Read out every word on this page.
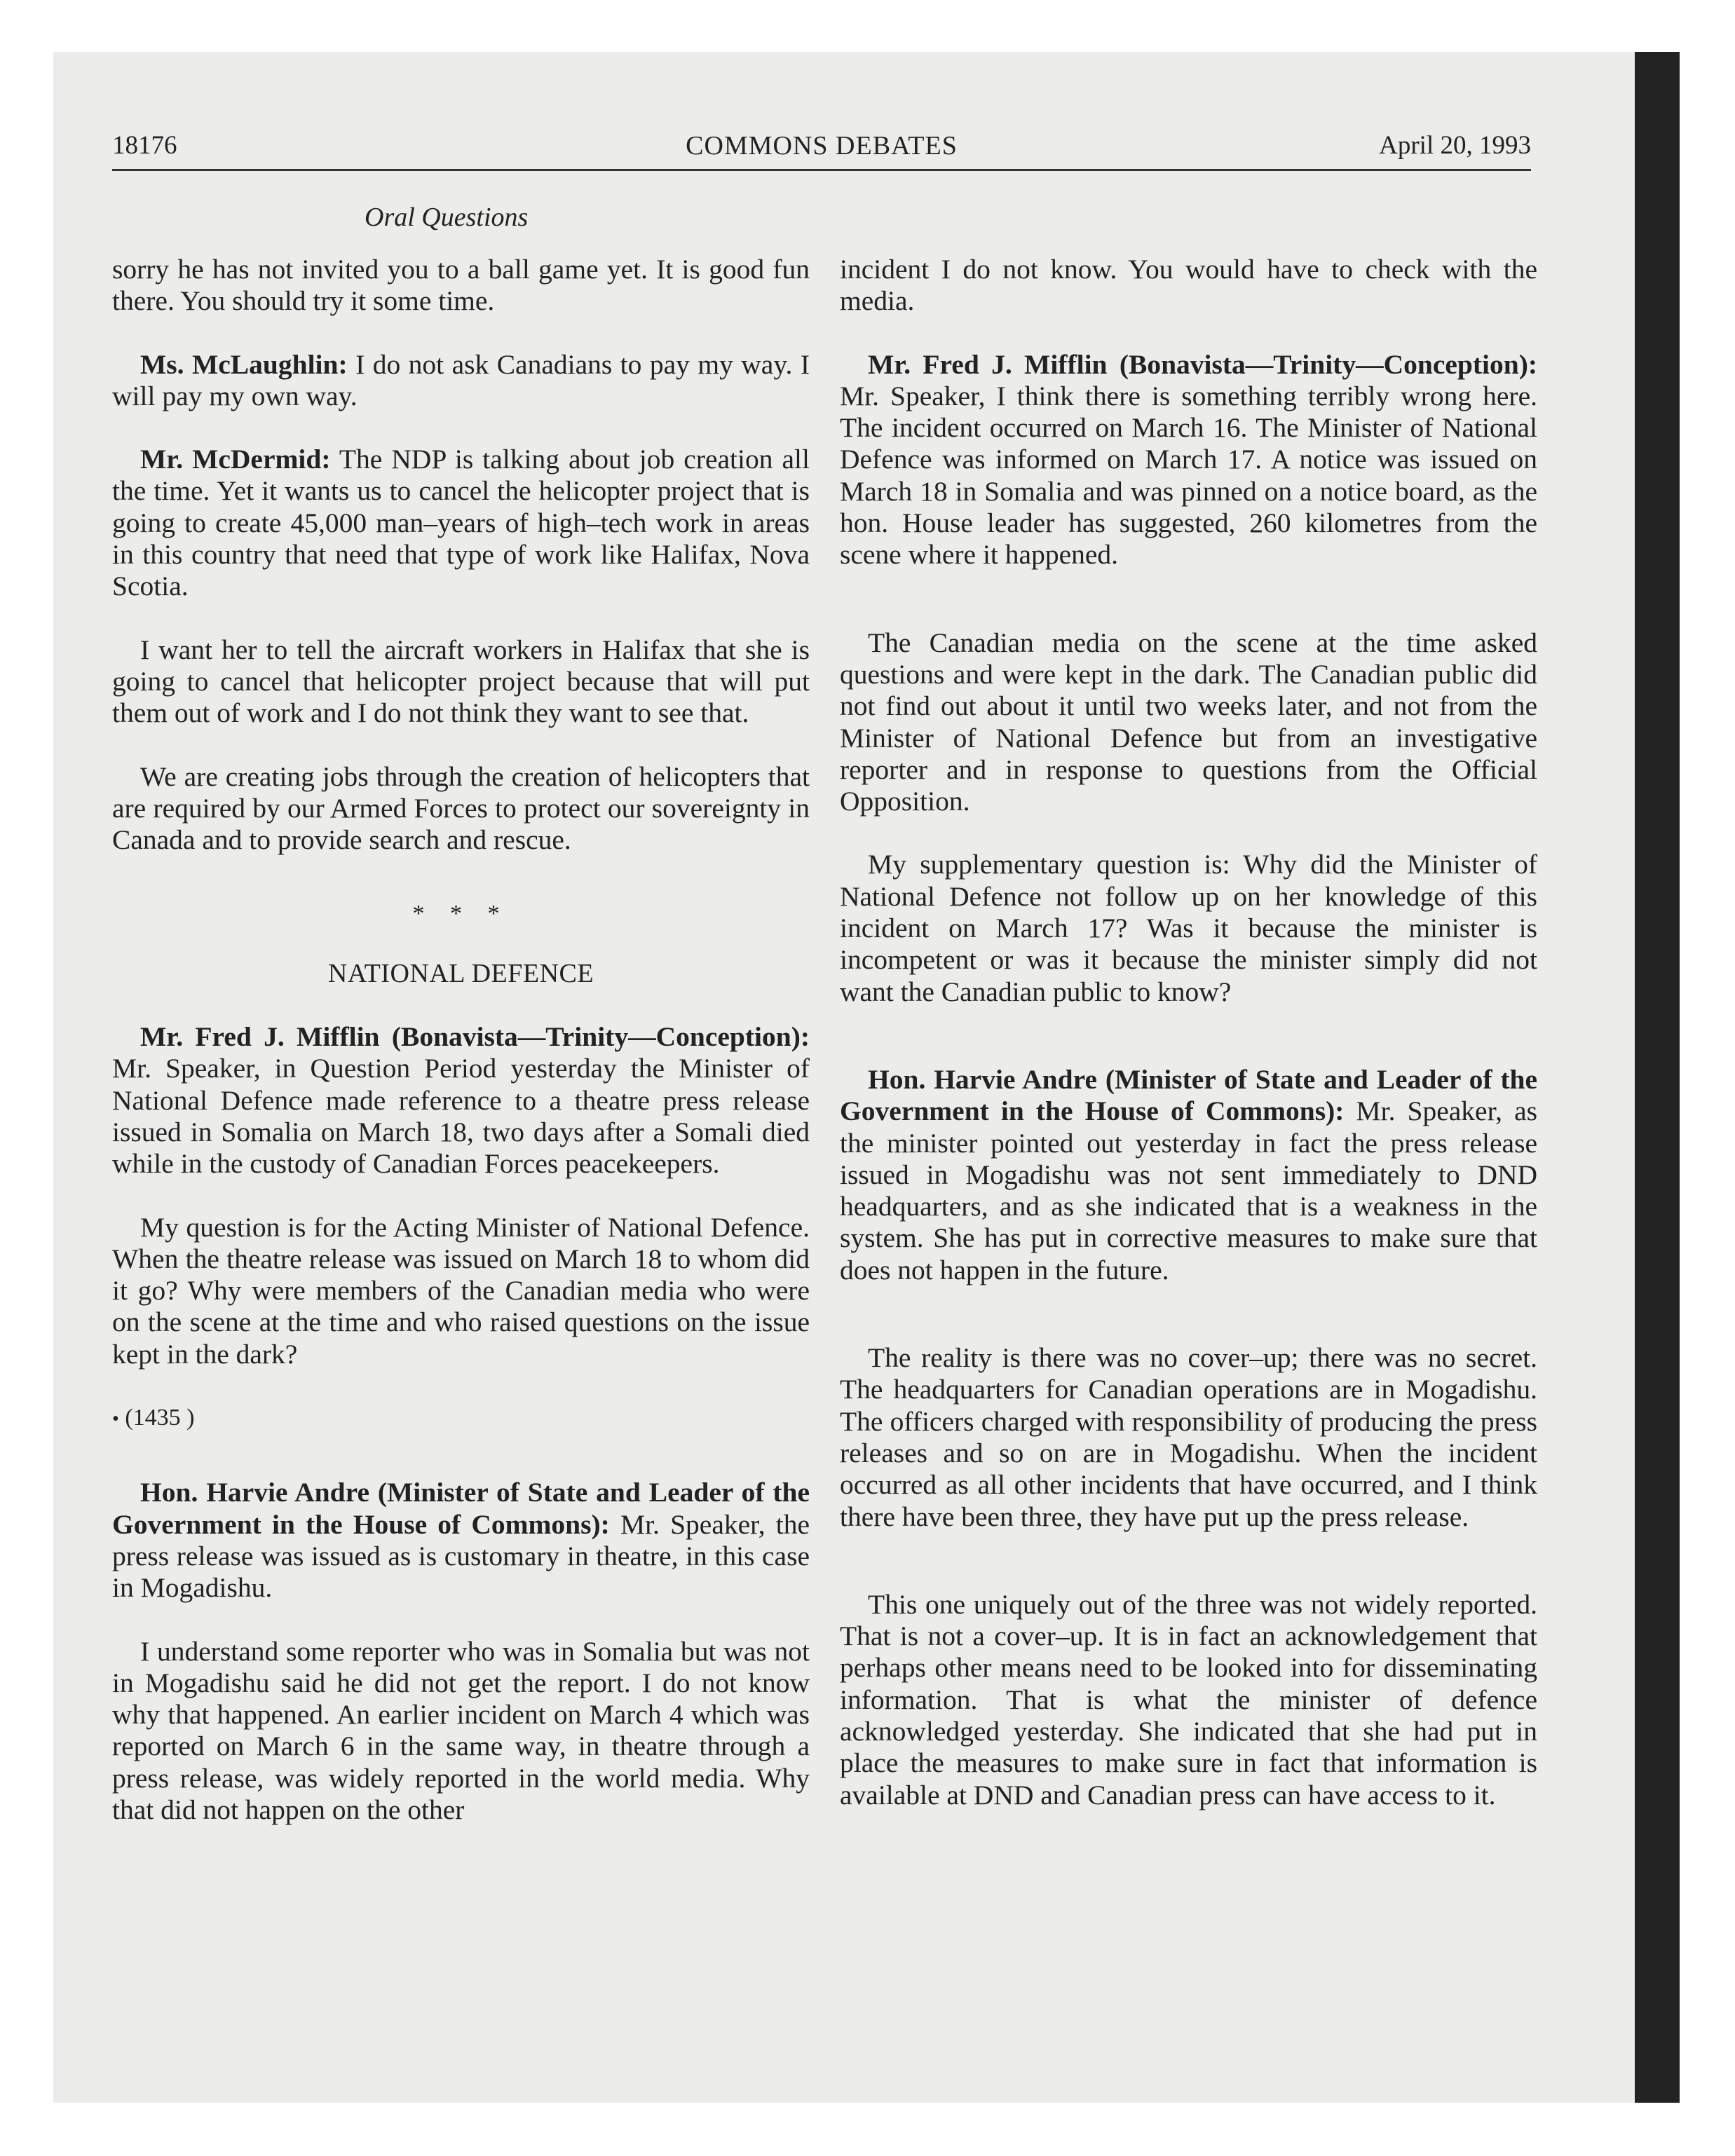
18176	COMMONS DEBATES	April 20, 1993
Oral Questions

sorry he has not invited you to a ball game yet. It is good fun there. You should try it some time.

Ms. McLaughlin: I do not ask Canadians to pay my way. I will pay my own way.

Mr. McDermid: The NDP is talking about job creation all the time. Yet it wants us to cancel the helicopter project that is going to create 45,000 man–years of high–tech work in areas in this country that need that type of work like Halifax, Nova Scotia.

I want her to tell the aircraft workers in Halifax that she is going to cancel that helicopter project because that will put them out of work and I do not think they want to see that.

We are creating jobs through the creation of helicopters that are required by our Armed Forces to protect our sovereignty in Canada and to provide search and rescue.

* * *
NATIONAL DEFENCE

Mr. Fred J. Mifflin (Bonavista—Trinity—Conception): Mr. Speaker, in Question Period yesterday the Minister of National Defence made reference to a theatre press release issued in Somalia on March 18, two days after a Somali died while in the custody of Canadian Forces peacekeepers.

My question is for the Acting Minister of National Defence. When the theatre release was issued on March 18 to whom did it go? Why were members of the Canadian media who were on the scene at the time and who raised questions on the issue kept in the dark?

• (1435 )

Hon. Harvie Andre (Minister of State and Leader of the Government in the House of Commons): Mr. Speaker, the press release was issued as is customary in theatre, in this case in Mogadishu.

I understand some reporter who was in Somalia but was not in Mogadishu said he did not get the report. I do not know why that happened. An earlier incident on March 4 which was reported on March 6 in the same way, in theatre through a press release, was widely reported in the world media. Why that did not happen on the other

incident I do not know. You would have to check with the media.

Mr. Fred J. Mifflin (Bonavista—Trinity—Conception): Mr. Speaker, I think there is something terribly wrong here. The incident occurred on March 16. The Minister of National Defence was informed on March 17. A notice was issued on March 18 in Somalia and was pinned on a notice board, as the hon. House leader has suggested, 260 kilometres from the scene where it happened.

The Canadian media on the scene at the time asked questions and were kept in the dark. The Canadian public did not find out about it until two weeks later, and not from the Minister of National Defence but from an investigative reporter and in response to questions from the Official Opposition.

My supplementary question is: Why did the Minister of National Defence not follow up on her knowledge of this incident on March 17? Was it because the minister is incompetent or was it because the minister simply did not want the Canadian public to know?

Hon. Harvie Andre (Minister of State and Leader of the Government in the House of Commons): Mr. Speaker, as the minister pointed out yesterday in fact the press release issued in Mogadishu was not sent immediately to DND headquarters, and as she indicated that is a weakness in the system. She has put in corrective measures to make sure that does not happen in the future.

The reality is there was no cover–up; there was no secret. The headquarters for Canadian operations are in Mogadishu. The officers charged with responsibility of producing the press releases and so on are in Mogadishu. When the incident occurred as all other incidents that have occurred, and I think there have been three, they have put up the press release.

This one uniquely out of the three was not widely reported. That is not a cover–up. It is in fact an acknowledgement that perhaps other means need to be looked into for disseminating information. That is what the minister of defence acknowledged yesterday. She indicated that she had put in place the measures to make sure in fact that information is available at DND and Canadian press can have access to it.
